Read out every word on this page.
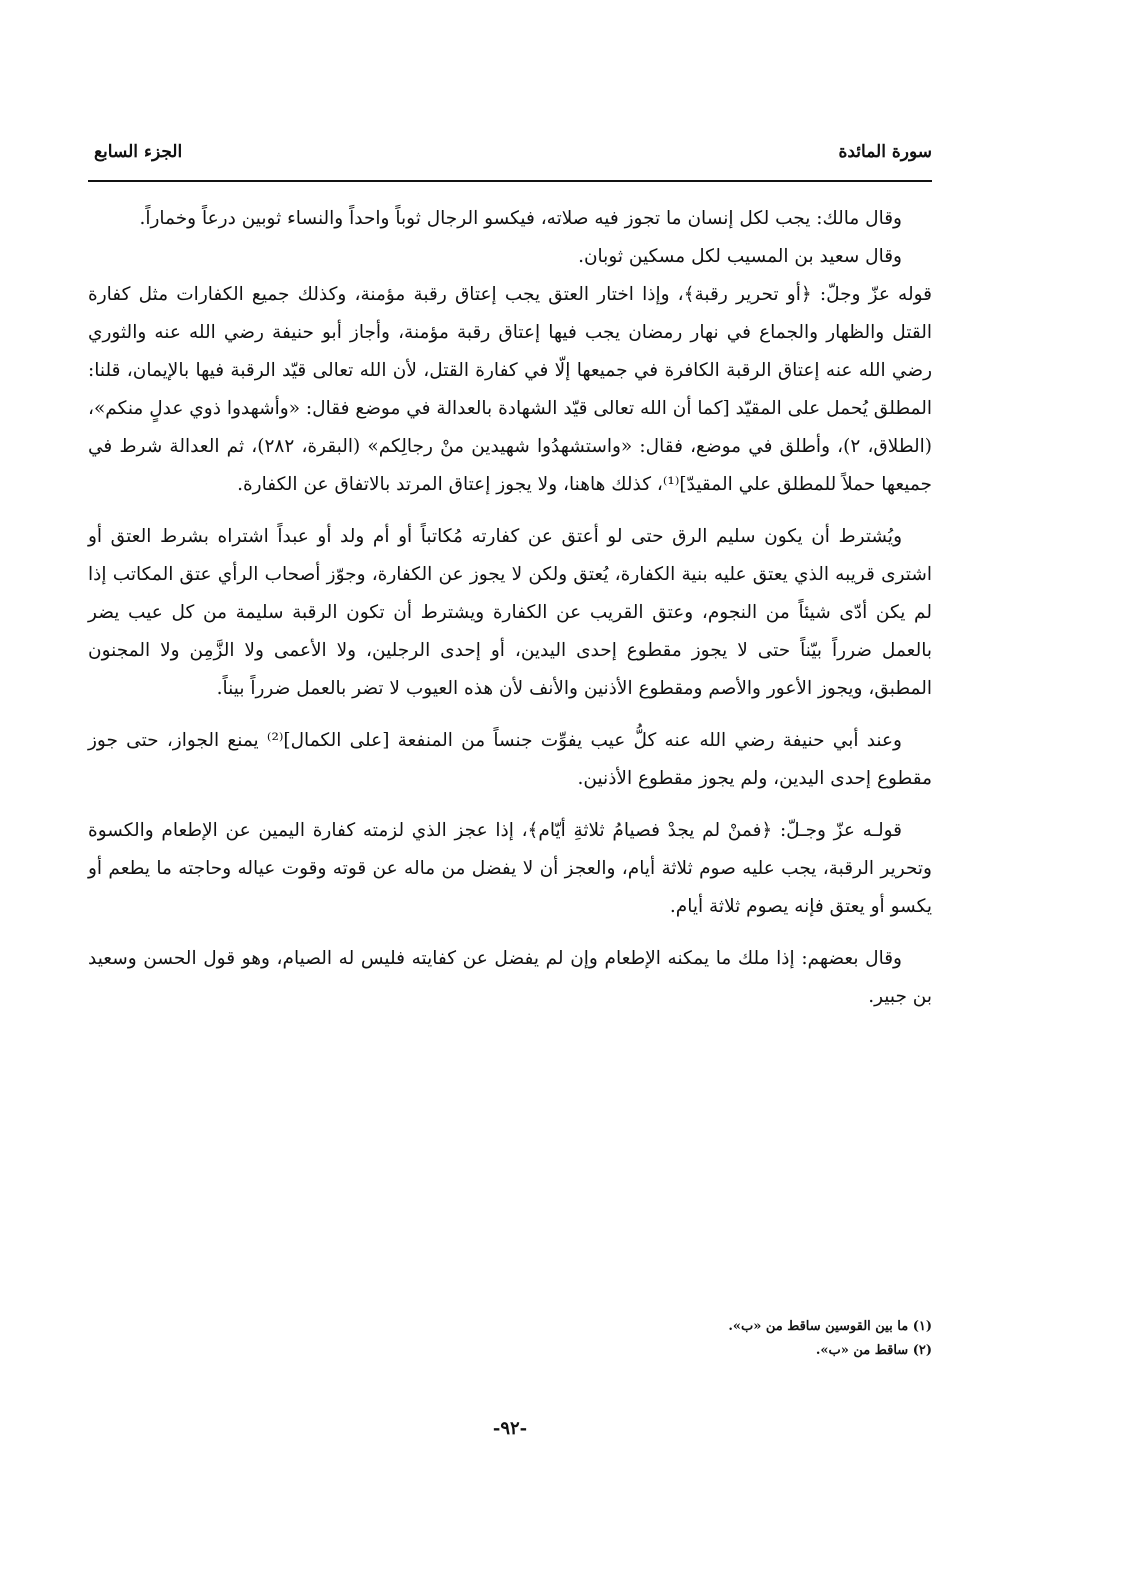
سورة المائدة
الجزء السابع

وقال مالك: يجب لكل إنسان ما تجوز فيه صلاته، فيكسو الرجال ثوباً واحداً والنساء ثوبين درعاً وخماراً.

وقال سعيد بن المسيب لكل مسكين ثوبان.

قوله عزّ وجلّ: ﴿أو تحرير رقبة﴾، وإذا اختار العتق يجب إعتاق رقبة مؤمنة، وكذلك جميع الكفارات مثل كفارة القتل والظهار والجماع في نهار رمضان يجب فيها إعتاق رقبة مؤمنة، وأجاز أبو حنيفة رضي الله عنه والثوري رضي الله عنه إعتاق الرقبة الكافرة في جميعها إلّا في كفارة القتل، لأن الله تعالى قيّد الرقبة فيها بالإيمان، قلنا: المطلق يُحمل على المقيّد [كما أن الله تعالى قيّد الشهادة بالعدالة في موضع فقال: «وأشهدوا ذوي عدلٍ منكم»، (الطلاق، ٢)، وأطلق في موضع، فقال: «واستشهدُوا شهيدين منْ رجالِكم» (البقرة، ٢٨٢)، ثم العدالة شرط في جميعها حملاً للمطلق علي المقيدّ]⁽¹⁾، كذلك هاهنا، ولا يجوز إعتاق المرتد بالاتفاق عن الكفارة.

ويُشترط أن يكون سليم الرق حتى لو أعتق عن كفارته مُكاتباً أو أم ولد أو عبداً اشتراه بشرط العتق أو اشترى قريبه الذي يعتق عليه بنية الكفارة، يُعتق ولكن لا يجوز عن الكفارة، وجوّز أصحاب الرأي عتق المكاتب إذا لم يكن أدّى شيئاً من النجوم، وعتق القريب عن الكفارة ويشترط أن تكون الرقبة سليمة من كل عيب يضر بالعمل ضرراً بيّناً حتى لا يجوز مقطوع إحدى اليدين، أو إحدى الرجلين، ولا الأعمى ولا الزَّمِن ولا المجنون المطبق، ويجوز الأعور والأصم ومقطوع الأذنين والأنف لأن هذه العيوب لا تضر بالعمل ضرراً بيناً.

وعند أبي حنيفة رضي الله عنه كلُّ عيب يفوِّت جنساً من المنفعة [على الكمال]⁽²⁾ يمنع الجواز، حتى جوز مقطوع إحدى اليدين، ولم يجوز مقطوع الأذنين.

قولـه عزّ وجـلّ: ﴿فمنْ لم يجدْ فصيامُ ثلاثةِ أيّام﴾، إذا عجز الذي لزمته كفارة اليمين عن الإطعام والكسوة وتحرير الرقبة، يجب عليه صوم ثلاثة أيام، والعجز أن لا يفضل من ماله عن قوته وقوت عياله وحاجته ما يطعم أو يكسو أو يعتق فإنه يصوم ثلاثة أيام.

وقال بعضهم: إذا ملك ما يمكنه الإطعام وإن لم يفضل عن كفايته فليس له الصيام، وهو قول الحسن وسعيد بن جبير.

(١) ما بين القوسين ساقط من «ب».
(٢) ساقط من «ب».
-٩٢-
